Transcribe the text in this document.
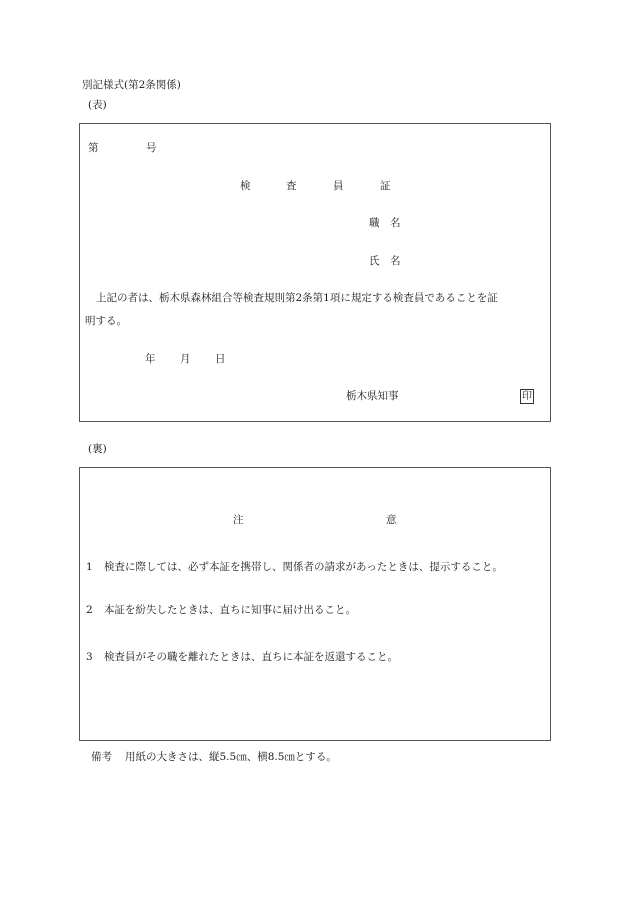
別記様式(第2条関係)
(表)
第	号
検	査	員	証
職　名
氏　名
上記の者は、栃木県森林組合等検査規則第2条第1項に規定する検査員であることを証
明する。
年 月 日
栃木県知事	印
(裏)
注	意
1 検査に際しては、必ず本証を携帯し、関係者の請求があったときは、提示すること。
2 本証を紛失したときは、直ちに知事に届け出ること。
3 検査員がその職を離れたときは、直ちに本証を返還すること。
備考 用紙の大きさは、縦5.5㎝、横8.5㎝とする。
